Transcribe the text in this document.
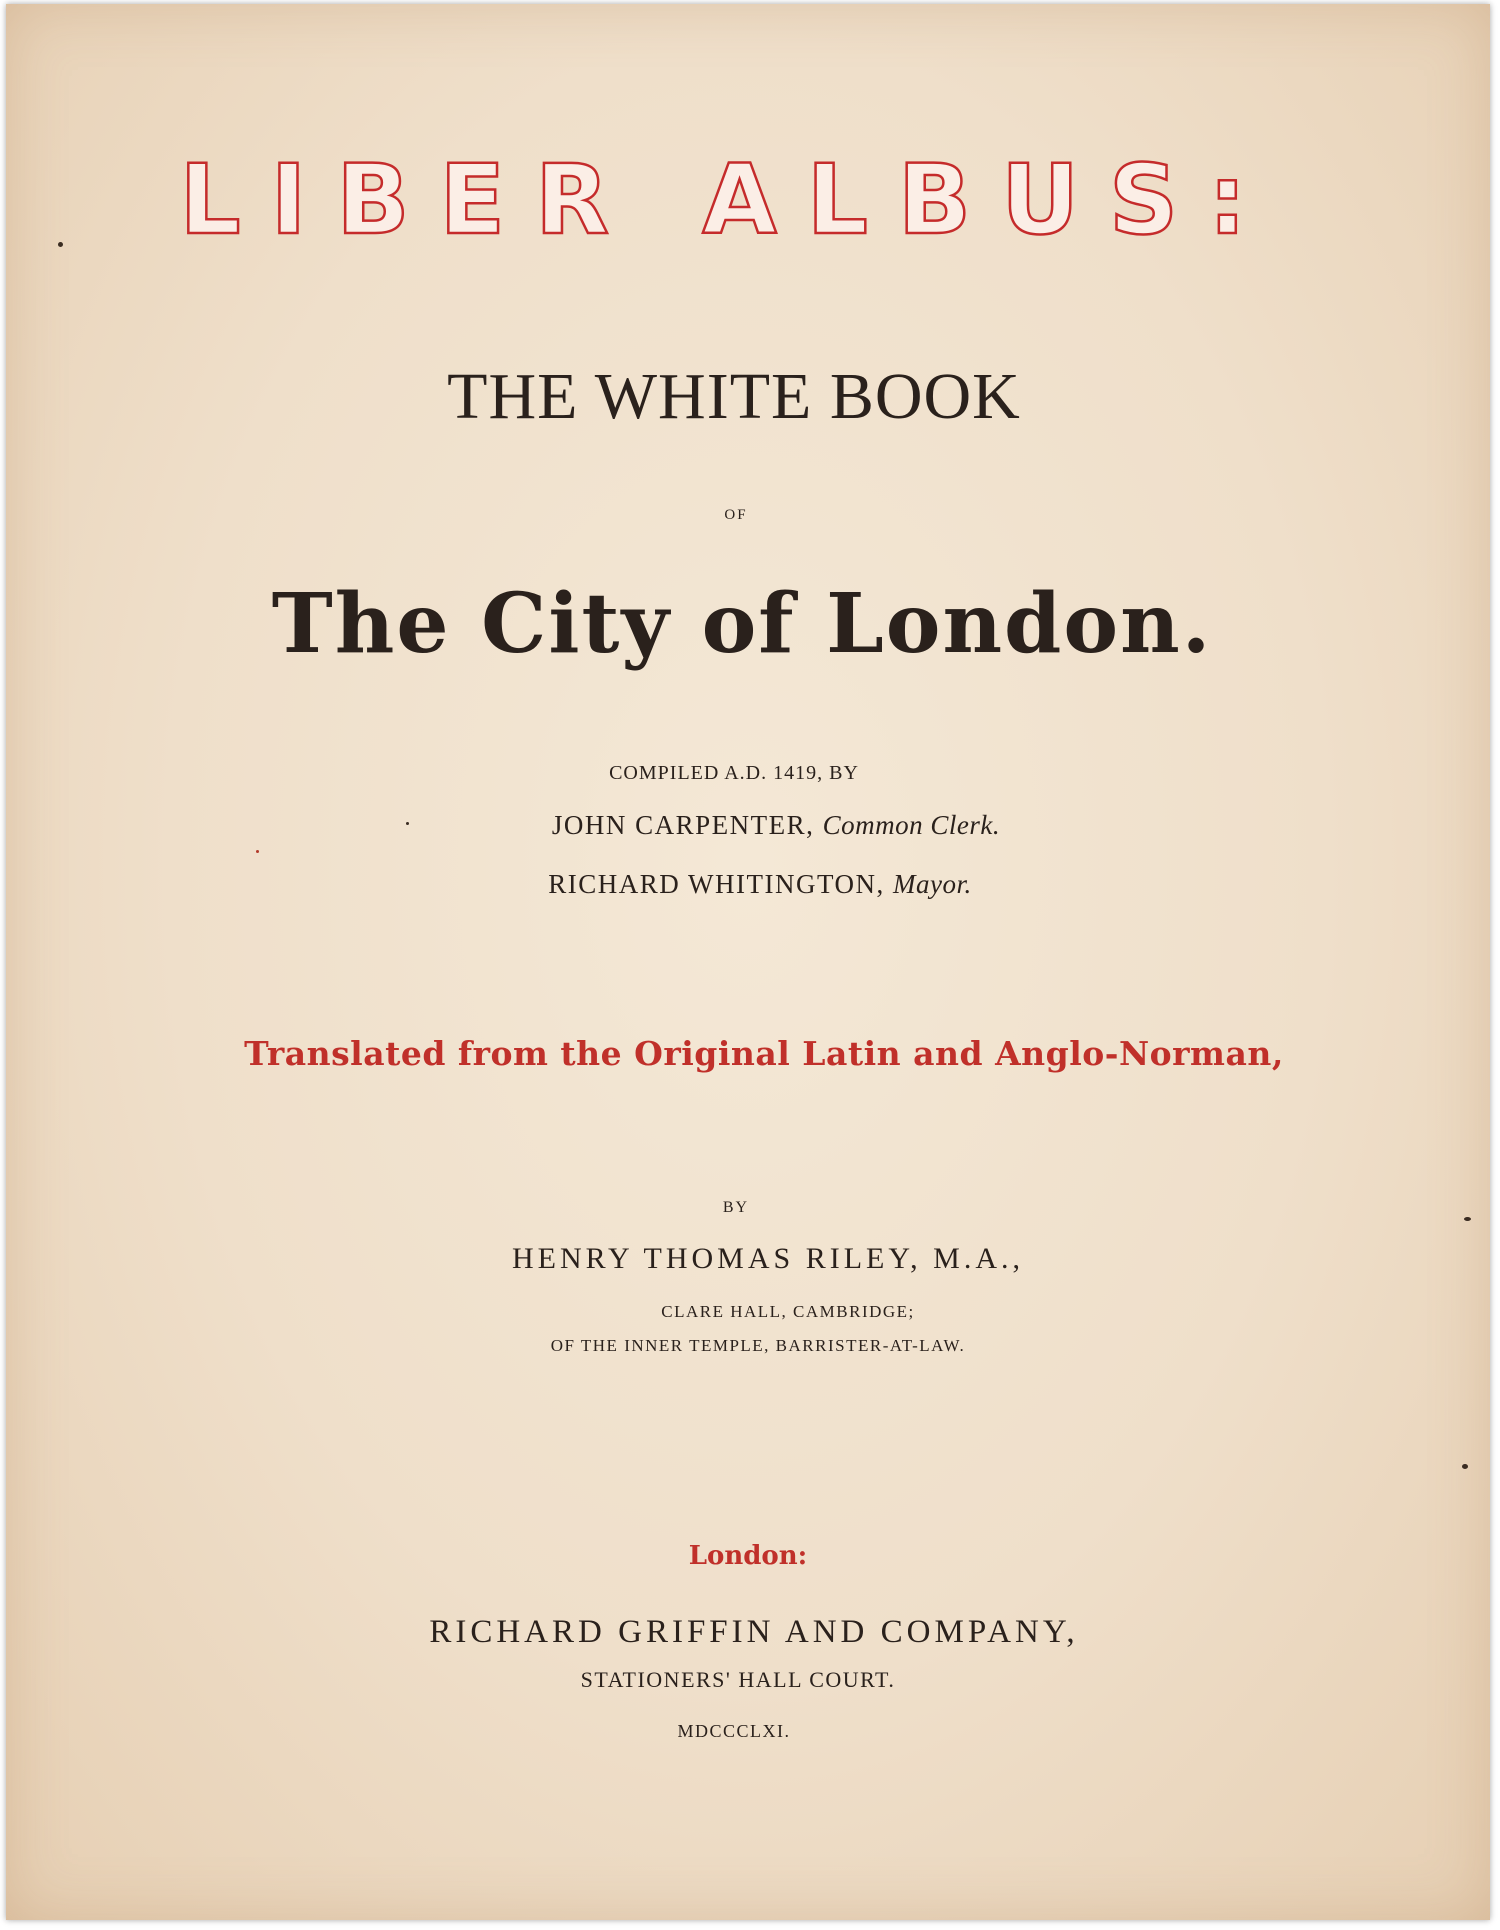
LIBER ALBUS:
THE WHITE BOOK
OF
The City of London.
COMPILED A.D. 1419, BY
JOHN CARPENTER, Common Clerk.
RICHARD WHITINGTON, Mayor.
Translated from the Original Latin and Anglo-Norman,
BY
HENRY THOMAS RILEY, M.A.,
CLARE HALL, CAMBRIDGE;
OF THE INNER TEMPLE, BARRISTER-AT-LAW.
London:
RICHARD GRIFFIN AND COMPANY,
STATIONERS' HALL COURT.
MDCCCLXI.
